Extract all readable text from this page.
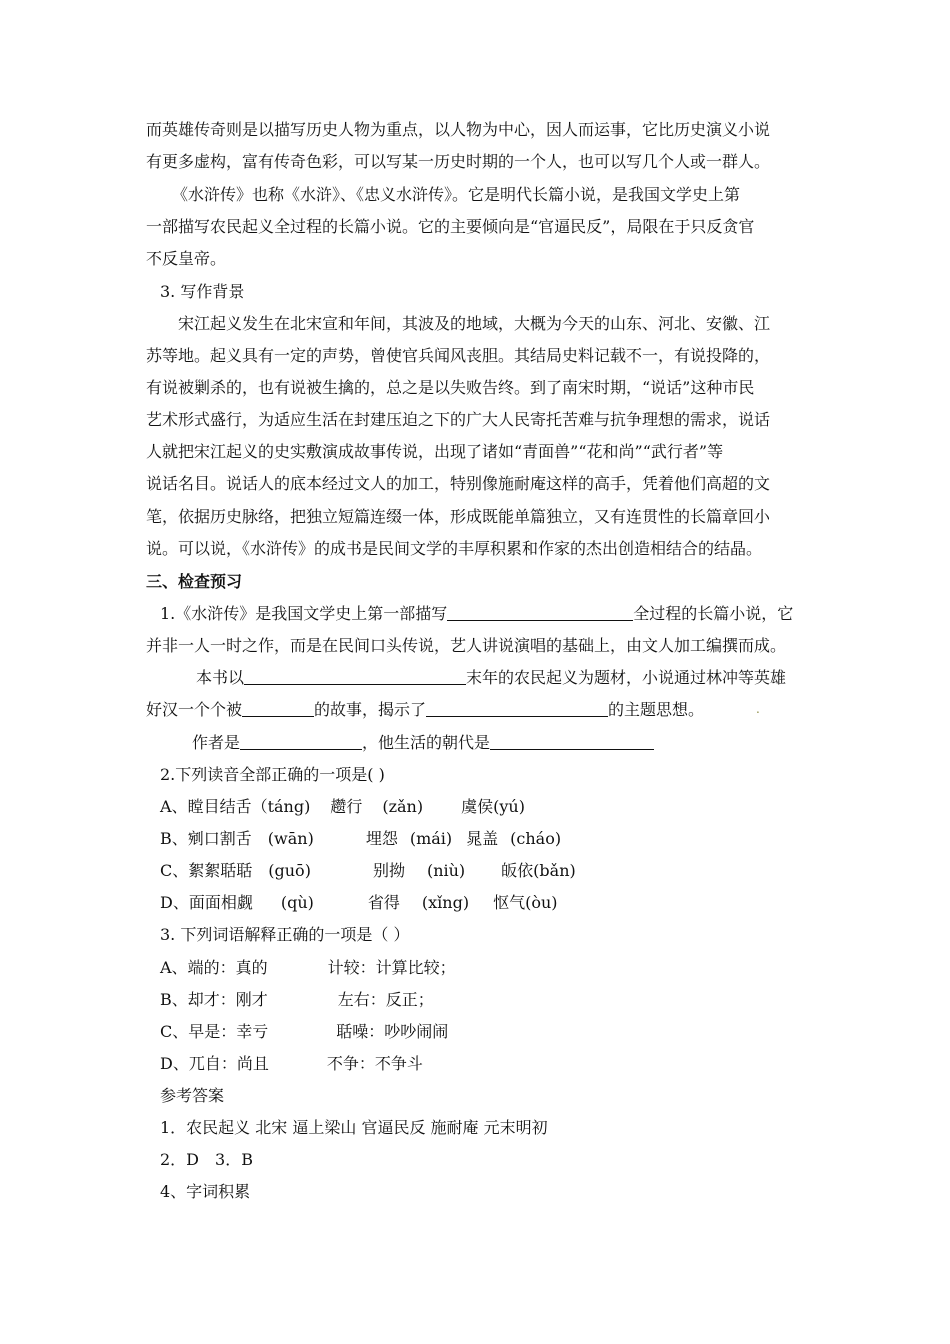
而英雄传奇则是以描写历史人物为重点，以人物为中心，因人而运事，它比历史演义小说
有更多虚构，富有传奇色彩，可以写某一历史时期的一个人，也可以写几个人或一群人。
《水浒传》也称《水浒》、《忠义水浒传》。它是明代长篇小说，是我国文学史上第
一部描写农民起义全过程的长篇小说。它的主要倾向是“官逼民反”，局限在于只反贪官
不反皇帝。
3. 写作背景
宋江起义发生在北宋宣和年间，其波及的地域，大概为今天的山东、河北、安徽、江
苏等地。起义具有一定的声势，曾使官兵闻风丧胆。其结局史料记载不一，有说投降的，
有说被剿杀的，也有说被生擒的，总之是以失败告终。到了南宋时期，“说话”这种市民
艺术形式盛行，为适应生活在封建压迫之下的广大人民寄托苦难与抗争理想的需求，说话
人就把宋江起义的史实敷演成故事传说，出现了诸如“青面兽”“花和尚”“武行者”等
说话名目。说话人的底本经过文人的加工，特别像施耐庵这样的高手，凭着他们高超的文
笔，依据历史脉络，把独立短篇连缀一体，形成既能单篇独立，又有连贯性的长篇章回小
说。可以说，《水浒传》的成书是民间文学的丰厚积累和作家的杰出创造相结合的结晶。
三、检查预习
1.《水浒传》是我国文学史上第一部描写	全过程的长篇小说，它
并非一人一时之作，而是在民间口头传说，艺人讲说演唱的基础上，由文人加工编撰而成。
本书以	末年的农民起义为题材，小说通过林冲等英雄
好汉一个个被	的故事，揭示了	的主题思想。	.
作者是	，他生活的朝代是
2.下列读音全部正确的一项是( )
A、瞠目结舌（táng) 趱行 (zǎn) 虞侯(yú)
B、剜口割舌 (wān)	埋怨 (mái) 晁盖 (cháo)
C、絮絮聒聒 (guō)	别拗 (niù) 皈依(bǎn)
D、面面相觑 (qù)	省得 (xǐng) 怄气(òu)
3. 下列词语解释正确的一项是（ ）
A、端的：真的	计较：计算比较；
B、却才：刚才	左右：反正；
C、早是：幸亏	聒噪：吵吵闹闹
D、兀自：尚且	不争：不争斗
参考答案
1．农民起义 北宋 逼上梁山 官逼民反 施耐庵 元末明初
2．D　3．B
4、字词积累
